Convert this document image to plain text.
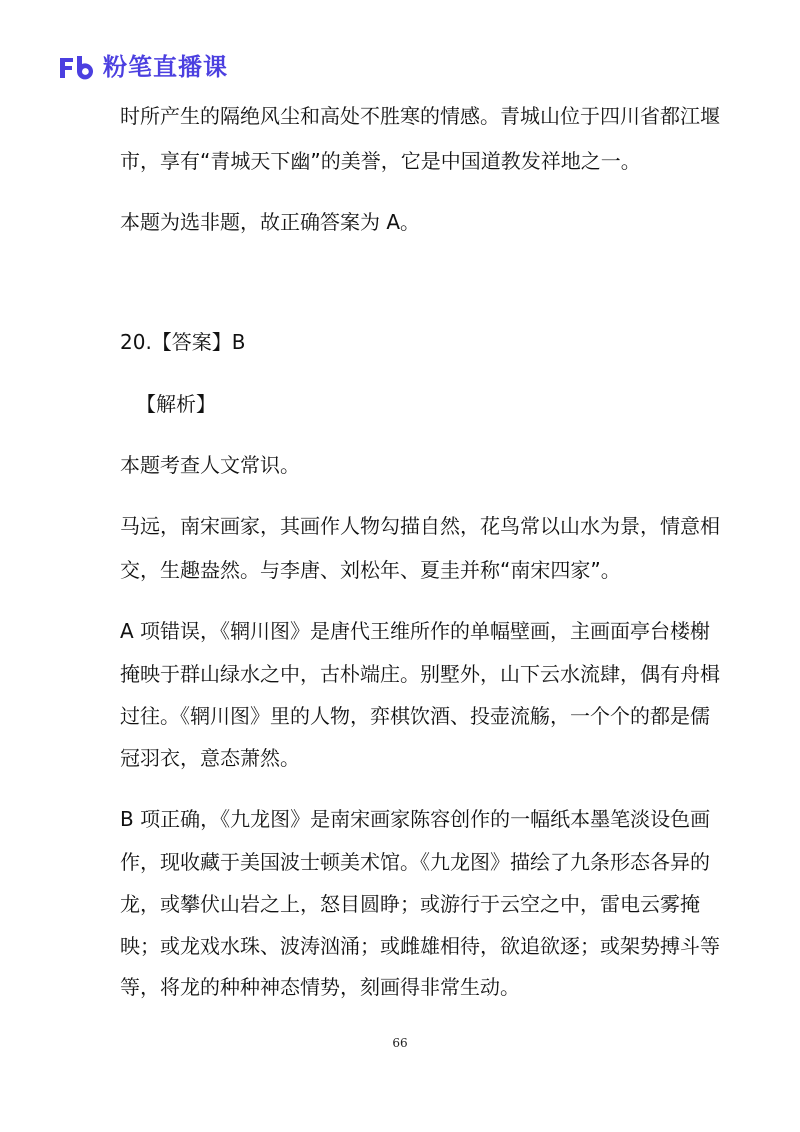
粉笔直播课
时所产生的隔绝风尘和高处不胜寒的情感。青城山位于四川省都江堰
市，享有“青城天下幽”的美誉，它是中国道教发祥地之一。
本题为选非题，故正确答案为 A。
20.【答案】B
【解析】
本题考查人文常识。
马远，南宋画家，其画作人物勾描自然，花鸟常以山水为景，情意相
交，生趣盎然。与李唐、刘松年、夏圭并称“南宋四家”。
A 项错误，《辋川图》是唐代王维所作的单幅壁画，主画面亭台楼榭
掩映于群山绿水之中，古朴端庄。别墅外，山下云水流肆，偶有舟楫
过往。《辋川图》里的人物，弈棋饮酒、投壶流觞，一个个的都是儒
冠羽衣，意态萧然。
B 项正确，《九龙图》是南宋画家陈容创作的一幅纸本墨笔淡设色画
作，现收藏于美国波士顿美术馆。《九龙图》描绘了九条形态各异的
龙，或攀伏山岩之上，怒目圆睁；或游行于云空之中，雷电云雾掩
映；或龙戏水珠、波涛汹涌；或雌雄相待，欲追欲逐；或架势搏斗等
等，将龙的种种神态情势，刻画得非常生动。
66
